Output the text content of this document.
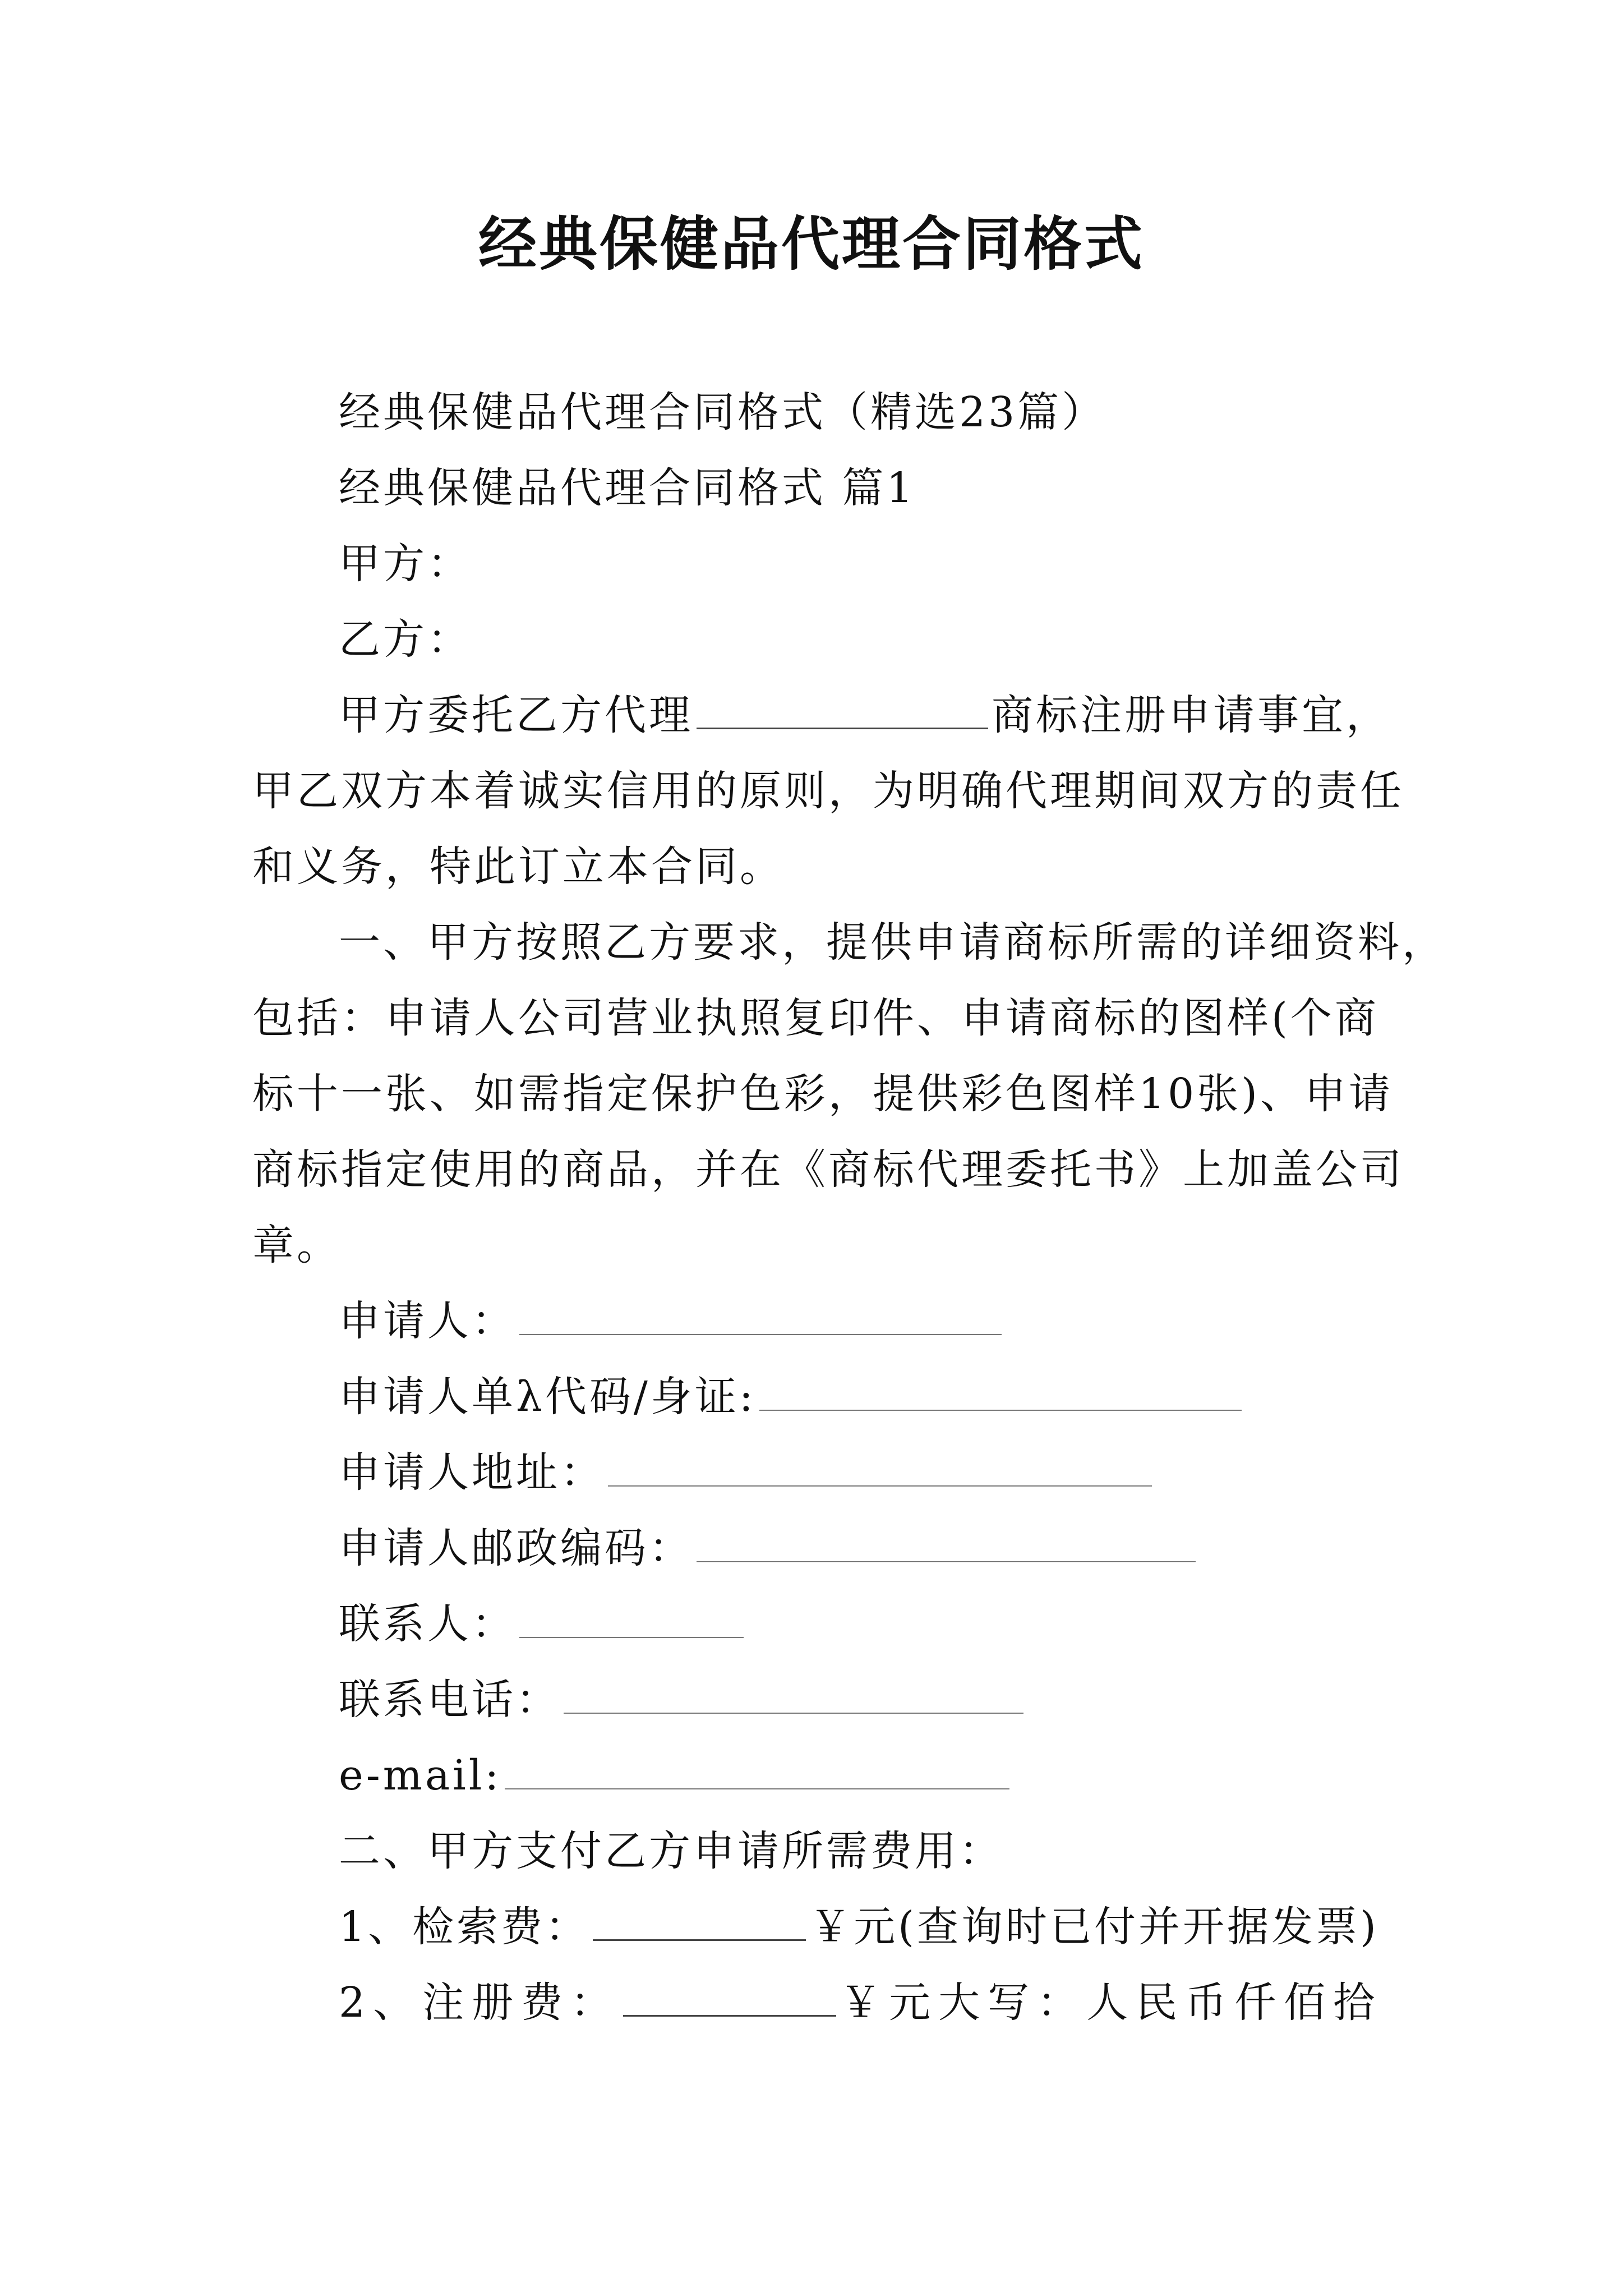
经典保健品代理合同格式
经典保健品代理合同格式（精选23篇）
经典保健品代理合同格式 篇1
甲方：
乙方：
甲方委托乙方代理	商标注册申请事宜，
甲乙双方本着诚实信用的原则，为明确代理期间双方的责任
和义务，特此订立本合同。
一、甲方按照乙方要求，提供申请商标所需的详细资料，
包括：申请人公司营业执照复印件、申请商标的图样(个商
标十一张、如需指定保护色彩，提供彩色图样10张)、申请
商标指定使用的商品，并在《商标代理委托书》上加盖公司
章。
申请人：
申请人单λ代码/身证:
申请人地址：
申请人邮政编码：
联系人：
联系电话：
e-mail:
二、甲方支付乙方申请所需费用：
1、检索费：	￥元(查询时已付并开据发票)
2、注册费：	￥元大写：人民币仟佰拾
